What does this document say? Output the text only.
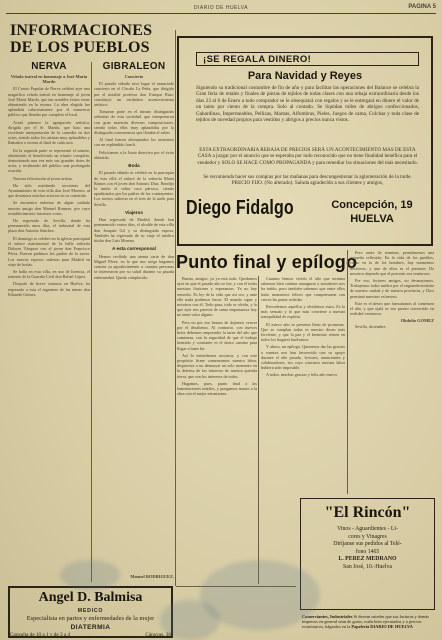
DIARIO DE HUELVA	PAGINA 5
INFORMACIONES DE LOS PUEBLOS
NERVA

Velada teatral en homenaje a José María Mardo

El Centro Popular de Nerva celebró ayer una magnífica velada teatral en homenaje al joven José María Mardo, que tan notables éxitos viene obteniendo en la escena. La obra elegida fue aplaudida calurosamente por el numeroso público que llenaba por completo el local.

Actuó primero la agrupación artística, dirigida por el Sr. Martín, que hizo una excelente interpretación de la comedia en dos actos, siendo todos los artistas muy aplaudidos y llamados a escena al final de cada acto.

En la segunda parte se representó el sainete, obteniendo el beneficiado un triunfo completo, demostrando una vez más sus grandes dotes de actor, y recibiendo del público una prolongada ovación.

Nuestra felicitación al joven artista.

Ha sido nombrado secretario del Ayuntamiento de esta villa don José Moreno, al que deseamos muchos aciertos en su cometido.

Se encuentra enfermo de algún cuidado nuestro amigo don Manuel Romero, por cuyo restablecimiento hacemos votos.

Ha regresado de Sevilla, donde ha permanecido unos días, el industrial de esta plaza don Antonio Sánchez.

El domingo se celebró en la iglesia parroquial el enlace matrimonial de la bella señorita Dolores Vázquez con el joven don Francisco Pérez. Fueron padrinos los padres de la novia. Los nuevos esposos salieron para Madrid en viaje de bodas.

Se halla en esta villa, en uso de licencia, el teniente de la Guardia Civil don Rafael López.

Después de breve estancia en Huelva, ha regresado a esta el ingeniero de las minas don Eduardo Gómez.

GIBRALEON

Concierto

El pasado sábado tuvo lugar el anunciado concierto en el Círculo La Peña, que dirigido por el notable profesor don Enrique Ruiz, constituyó un verdadero acontecimiento artístico.

Tomaron parte en el mismo distinguidas señoritas de esta sociedad, que interpretaron con gran maestría diversas composiciones, siendo todas ellas muy aplaudidas por la distinguida concurrencia que llenaba el salón.

Al final fueron obsequiados los asistentes con un espléndido lunch.

Felicitamos a la Junta directiva por el éxito obtenido.

Boda

El pasado sábado se celebró en la parroquia de esta villa el enlace de la señorita María Ramos con el joven don Antonio Díaz. Bendijo la unión el señor cura párroco, siendo apadrinados por los padres de los contrayentes. Los novios salieron en el tren de la tarde para Sevilla.

Viajeros

Han regresado de Madrid, donde han permanecido varios días, el alcalde de esta villa don Joaquín Gil y su distinguida esposa. También ha regresado de su viaje el médico titular don Luis Moreno.

A esta corresponsal

Hemos recibido una atenta carta de don Miguel Pérez, en la que nos ruega hagamos constar su agradecimiento a cuantas personas se interesaron por su salud durante su pasada enfermedad. Queda complacido.

Manuel RODRIGUEZ.
¡SE REGALA DINERO!
Para Navidad y Reyes
Siguiendo su tradicional costumbre de fin de año y para facilitar las operaciones del Balance se celebra la Gran feria de retales y finales de piezas de tejidos de todas clases con una rebaja extraordinaria desde los días 23 al 6 de Enero a todo comprador se le obsequiará con regalos y se le entregará en dinero el valor de un tanto por ciento de la compra. Solo al contado. Se liquidan miles de abrigos confeccionados, Gabardinas, Impermeables, Pellizas, Mantas, Alfombras, Pieles, Juegos de cama, Colchas y toda clase de tejidos de novedad propios para vestidos y abrigos a precios nunca vistos.
ESTA EXTRAORDINARIA REBAJA DE PRECIOS SERÁ UN ACONTECIMIENTO MAS DE ESTA CASA a juzgar por el anuncio que se esperaba por todo reconocido que no tiene finalidad benéfica para el vendedor y SOLO SE HACE COMO PROPAGANDA y para remediar las situaciones del más necesitado.
Se recomienda hacer sus compras por las mañanas para descongestionar la aglomeración de la tarde. PRECIO FIJO. (No alterado). Saluda agradecido a sus clientes y amigos,
Diego Fidalgo	Concepción, 19
HUELVA
Punto final y epílogo

Bueno, amigos, ya ya está todo. Quedamos ayer en que el pasado año se fue, y con él todas nuestras ilusiones y esperanzas. Ya no hay remedio. Es ley de la vida que así sea, y ante ella nada podemos hacer. El mundo sigue y nosotros con él. Todo pasa, todo se olvida, y lo que ayer nos parecía de suma importancia hoy no tiene valor alguno.

Pero no por eso hemos de dejarnos vencer por el desaliento. Al contrario, con nuevos bríos debemos emprender la tarea del año que comienza, con la seguridad de que el trabajo honrado y constante es el único camino para llegar a buen fin.

Así lo entendemos nosotros, y con este propósito firme comenzamos nuestra labor, dispuestos a no desmayar un solo momento en la defensa de los intereses de nuestra querida tierra, que son los intereses de todos.

Hagamos, pues, punto final a las lamentaciones inútiles, y pongamos manos a la obra con el mejor entusiasmo.

Cuantos hemos vivido el año que termina sabemos bien cuántas amarguras y sinsabores nos ha traído; pero también sabemos que entre ellos hubo momentos felices que compensaron con creces las penas sufridas.

Recordemos aquellos y olvidemos estos. Es lo más sensato y lo que más conviene a nuestra tranquilidad de espíritu.

El nuevo año se presenta lleno de promesas. Que se cumplan todas es nuestro deseo más ferviente, y que la paz y el bienestar reinen en todos los hogares huelvanos.

Y ahora, un epílogo. Queremos dar las gracias a cuantos nos han favorecido con su apoyo durante el año pasado, lectores, anunciantes y colaboradores, sin cuyo concurso nuestra labor hubiera sido imposible.

A todos, muchas gracias y feliz año nuevo.

Pero antes de terminar, permítasenos una pequeña reflexión. En la vida de los pueblos, como en la de los hombres, hay momentos decisivos, y uno de ellos es el presente. De nosotros depende que el porvenir sea venturoso.

Por eso, lectores amigos, no desmayemos. Trabajemos todos unidos por el engrandecimiento de nuestra ciudad y de nuestra provincia, y Dios premiará nuestros esfuerzos.

Este es el deseo que formulamos al comenzar el año, y que ojalá se vea pronto convertido en realidad venturosa.

Obdulio GOMEZ

Sevilla, diciembre.

"El Rincón"
Vinos - Aguardientes - Li-
cores y Vinagres
Diríjanse sus pedidos al Telé-
fono 1465
L. PEREZ MEDRANO
San José, 10.-Huelva
Comerciantes, Industriales Si desean ustedes que sus facturas y demás impresos en general sean de gusto, estén bien ejecutados y a precios económicos, háganlos en la Papelería DIARIO DE HUELVA
Angel D. Balmisa
MEDICO
Especialista en partos y enfermedades de la mujer
DIATERMIA
Consulta de 10 a 1 y de 3 a 4	Cánovas, 36
